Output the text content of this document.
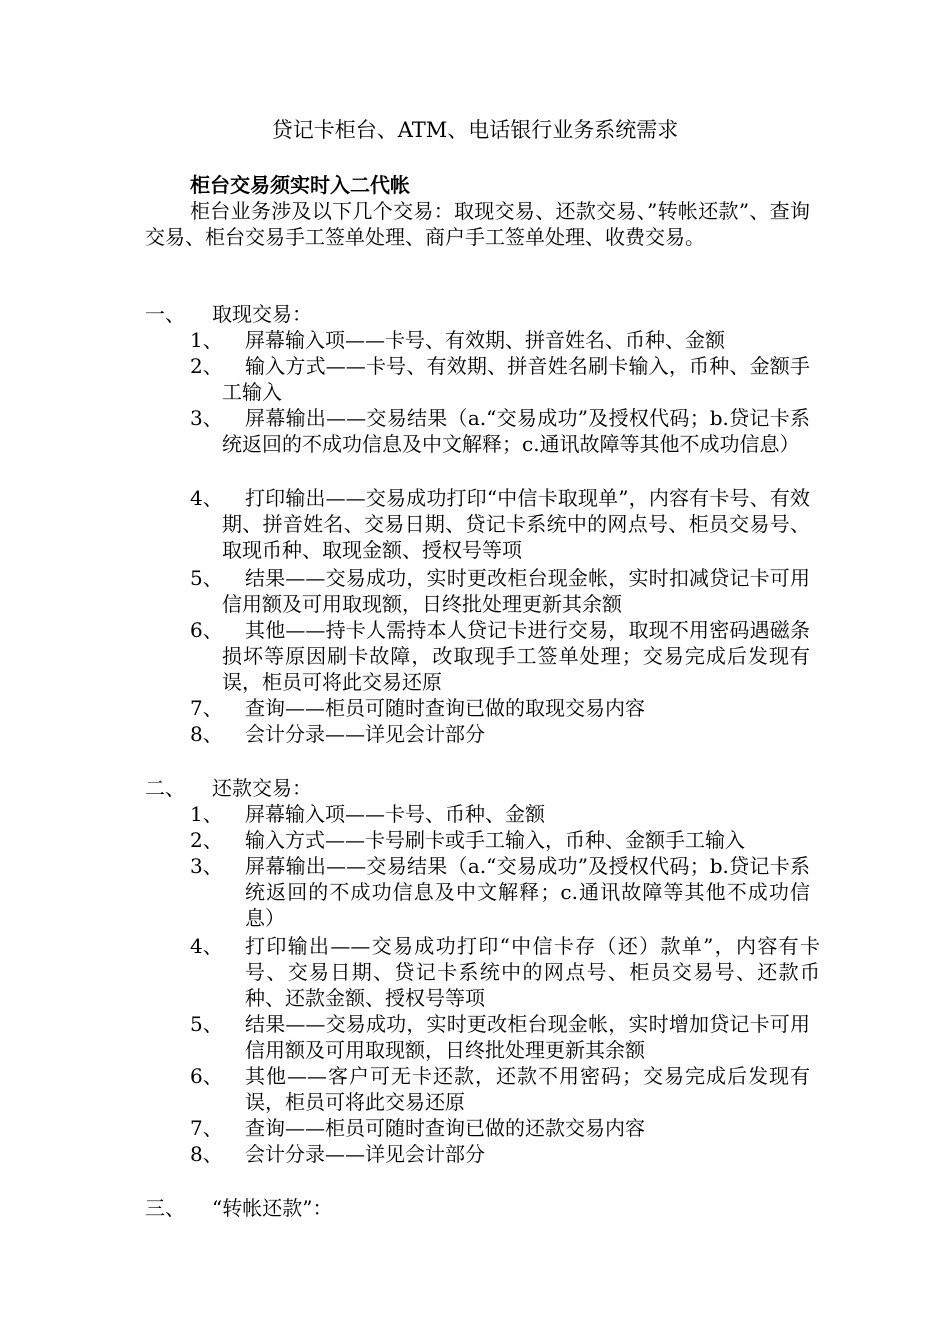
贷记卡柜台、ATM、电话银行业务系统需求
柜台交易须实时入二代帐
柜台业务涉及以下几个交易：取现交易、还款交易、”转帐还款”、查询交易、柜台交易手工签单处理、商户手工签单处理、收费交易。
一、 取现交易：
1、 屏幕输入项——卡号、有效期、拼音姓名、币种、金额
2、	输入方式——卡号、有效期、拼音姓名刷卡输入，币种、金额手工输入
3、	屏幕输出——交易结果（a.“交易成功”及授权代码；b.贷记卡系统返回的不成功信息及中文解释；c.通讯故障等其他不成功信息）
4、	打印输出——交易成功打印“中信卡取现单”，内容有卡号、有效期、拼音姓名、交易日期、贷记卡系统中的网点号、柜员交易号、取现币种、取现金额、授权号等项
5、	结果——交易成功，实时更改柜台现金帐，实时扣减贷记卡可用信用额及可用取现额，日终批处理更新其余额
6、	其他——持卡人需持本人贷记卡进行交易，取现不用密码遇磁条损坏等原因刷卡故障，改取现手工签单处理；交易完成后发现有误，柜员可将此交易还原
7、 查询——柜员可随时查询已做的取现交易内容
8、 会计分录——详见会计部分
二、 还款交易：
1、 屏幕输入项——卡号、币种、金额
2、 输入方式——卡号刷卡或手工输入，币种、金额手工输入
3、 屏幕输出——交易结果（a.“交易成功”及授权代码；b.贷记卡系统返回的不成功信息及中文解释；c.通讯故障等其他不成功信息）
4、 打印输出——交易成功打印“中信卡存（还）款单”，内容有卡号、交易日期、贷记卡系统中的网点号、柜员交易号、还款币种、还款金额、授权号等项
5、 结果——交易成功，实时更改柜台现金帐，实时增加贷记卡可用信用额及可用取现额，日终批处理更新其余额
6、 其他——客户可无卡还款，还款不用密码；交易完成后发现有误，柜员可将此交易还原
7、 查询——柜员可随时查询已做的还款交易内容
8、 会计分录——详见会计部分
三、 “转帐还款”：
